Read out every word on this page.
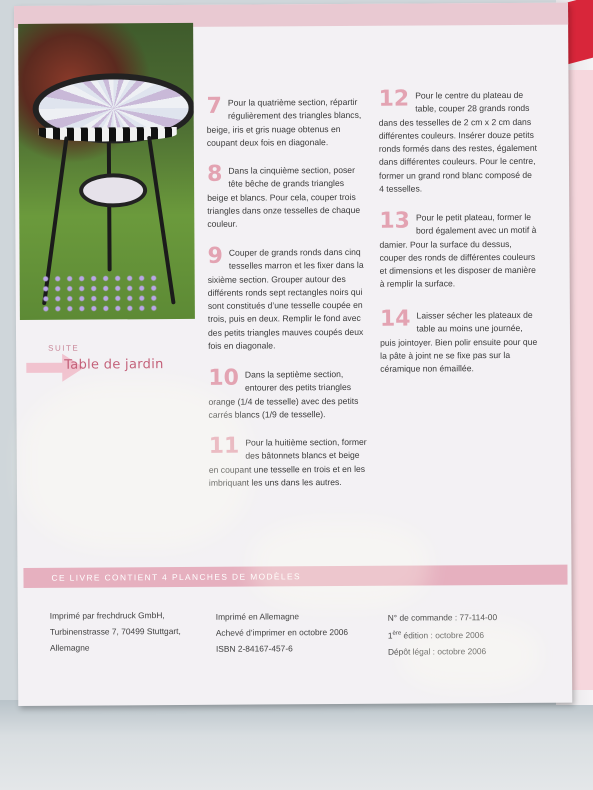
SUITE
Table de jardin
7 Pour la quatrième section, répartir régulièrement des triangles blancs, beige, iris et gris nuage obtenus en coupant deux fois en diagonale.
8 Dans la cinquième section, poser tête bêche de grands triangles beige et blancs. Pour cela, couper trois triangles dans onze tesselles de chaque couleur.
9 Couper de grands ronds dans cinq tesselles marron et les fixer dans la sixième section. Grouper autour des différents ronds sept rectangles noirs qui sont constitués d’une tesselle coupée en trois, puis en deux. Remplir le fond avec des petits triangles mauves coupés deux fois en diagonale.
10 Dans la septième section, entourer des petits triangles orange (1/4 de tesselle) avec des petits carrés blancs (1/9 de tesselle).
11 Pour la huitième section, former des bâtonnets blancs et beige en coupant une tesselle en trois et en les imbriquant les uns dans les autres.
12 Pour le centre du plateau de table, couper 28 grands ronds dans des tesselles de 2 cm x 2 cm dans différentes couleurs. Insérer douze petits ronds formés dans des restes, également dans différentes couleurs. Pour le centre, former un grand rond blanc composé de 4 tesselles.
13 Pour le petit plateau, former le bord également avec un motif à damier. Pour la surface du dessus, couper des ronds de différentes couleurs et dimensions et les disposer de manière à remplir la surface.
14 Laisser sécher les plateaux de table au moins une journée, puis jointoyer. Bien polir ensuite pour que la pâte à joint ne se fixe pas sur la céramique non émaillée.
CE LIVRE CONTIENT 4 PLANCHES DE MODÈLES
Imprimé par frechdruck GmbH,
Turbinenstrasse 7, 70499 Stuttgart,
Allemagne
Imprimé en Allemagne
Achevé d’imprimer en octobre 2006
ISBN 2-84167-457-6
N° de commande : 77-114-00
1ère édition : octobre 2006
Dépôt légal : octobre 2006
